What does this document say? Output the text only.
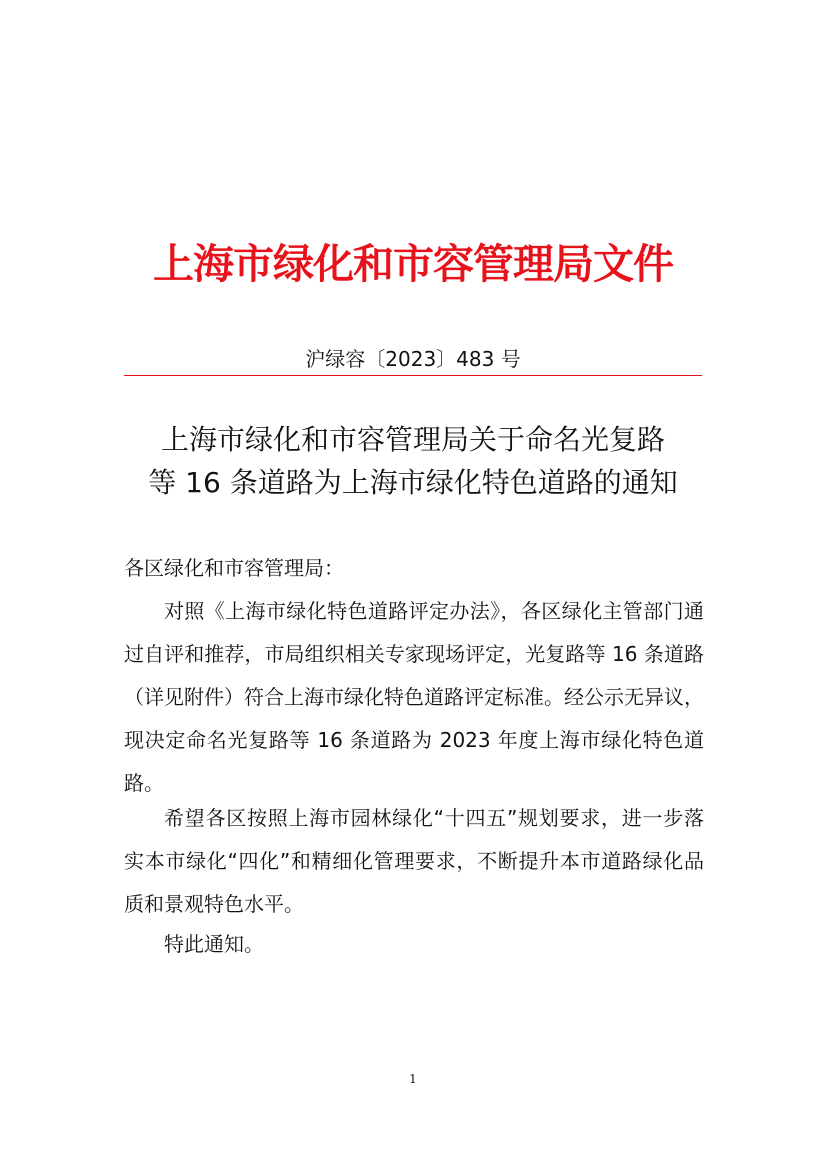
上海市绿化和市容管理局文件
沪绿容〔2023〕483 号
上海市绿化和市容管理局关于命名光复路
等 16 条道路为上海市绿化特色道路的通知
各区绿化和市容管理局：

对照《上海市绿化特色道路评定办法》，各区绿化主管部门通过自评和推荐，市局组织相关专家现场评定，光复路等 16 条道路（详见附件）符合上海市绿化特色道路评定标准。经公示无异议，现决定命名光复路等 16 条道路为 2023 年度上海市绿化特色道路。

希望各区按照上海市园林绿化“十四五”规划要求，进一步落实本市绿化“四化”和精细化管理要求，不断提升本市道路绿化品质和景观特色水平。

特此通知。

1
